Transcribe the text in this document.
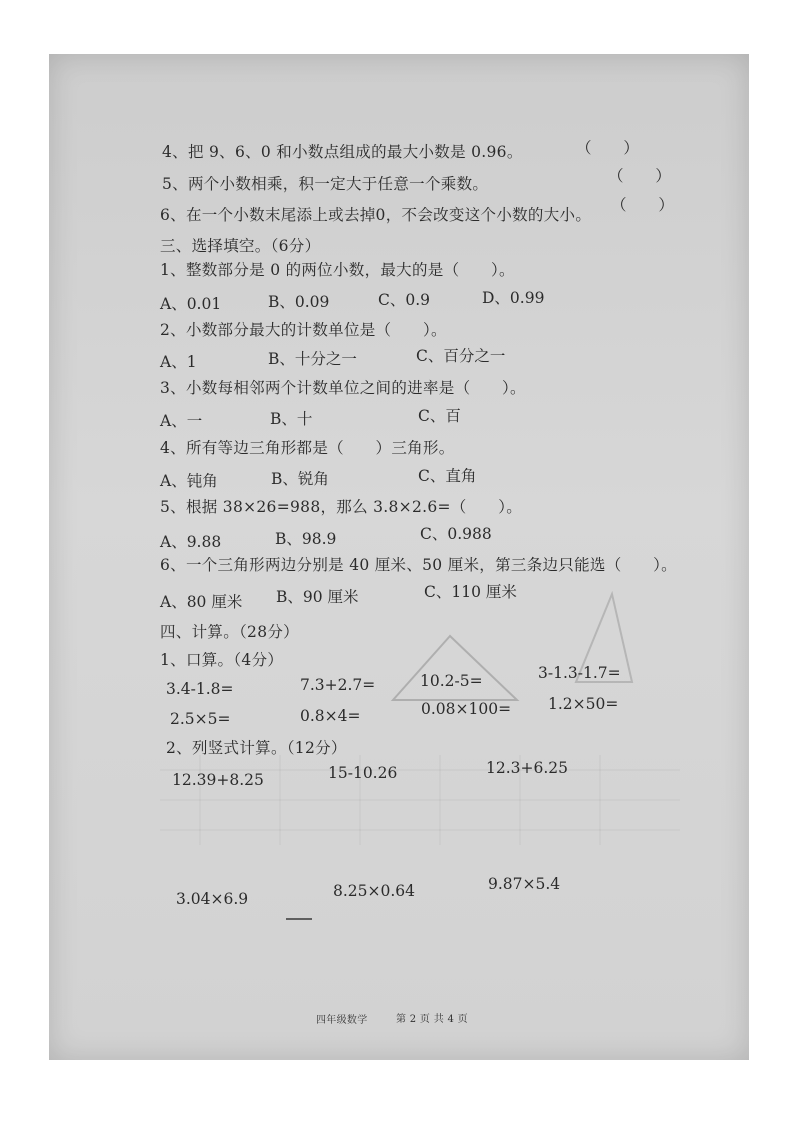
4、把 9、6、0 和小数点组成的最大小数是 0.96。	（　　）
5、两个小数相乘，积一定大于任意一个乘数。	（　　）
6、在一个小数末尾添上或去掉0，不会改变这个小数的大小。
（　　）
三、选择填空。（6分）
1、整数部分是 0 的两位小数，最大的是（　　）。
A、0.01	B、0.09	C、0.9	D、0.99
2、小数部分最大的计数单位是（　　）。
A、1	B、十分之一	C、百分之一
3、小数每相邻两个计数单位之间的进率是（　　）。
A、一	B、十	C、百
4、所有等边三角形都是（　　）三角形。
A、钝角	B、锐角	C、直角
5、根据 38×26=988，那么 3.8×2.6=（　　）。
A、9.88	B、98.9	C、0.988
6、一个三角形两边分别是 40 厘米、50 厘米，第三条边只能选（　　）。
A、80 厘米 B、90 厘米	C、110 厘米
四、计算。（28分）
1、口算。（4分）
3.4-1.8=	7.3+2.7=	10.2-5=	3-1.3-1.7=
2.5×5=	0.8×4=	0.08×100= 1.2×50=
2、列竖式计算。（12分）
12.39+8.25	15-10.26	12.3+6.25
3.04×6.9	8.25×0.64	9.87×5.4
四年级数学	第 2 页 共 4 页
